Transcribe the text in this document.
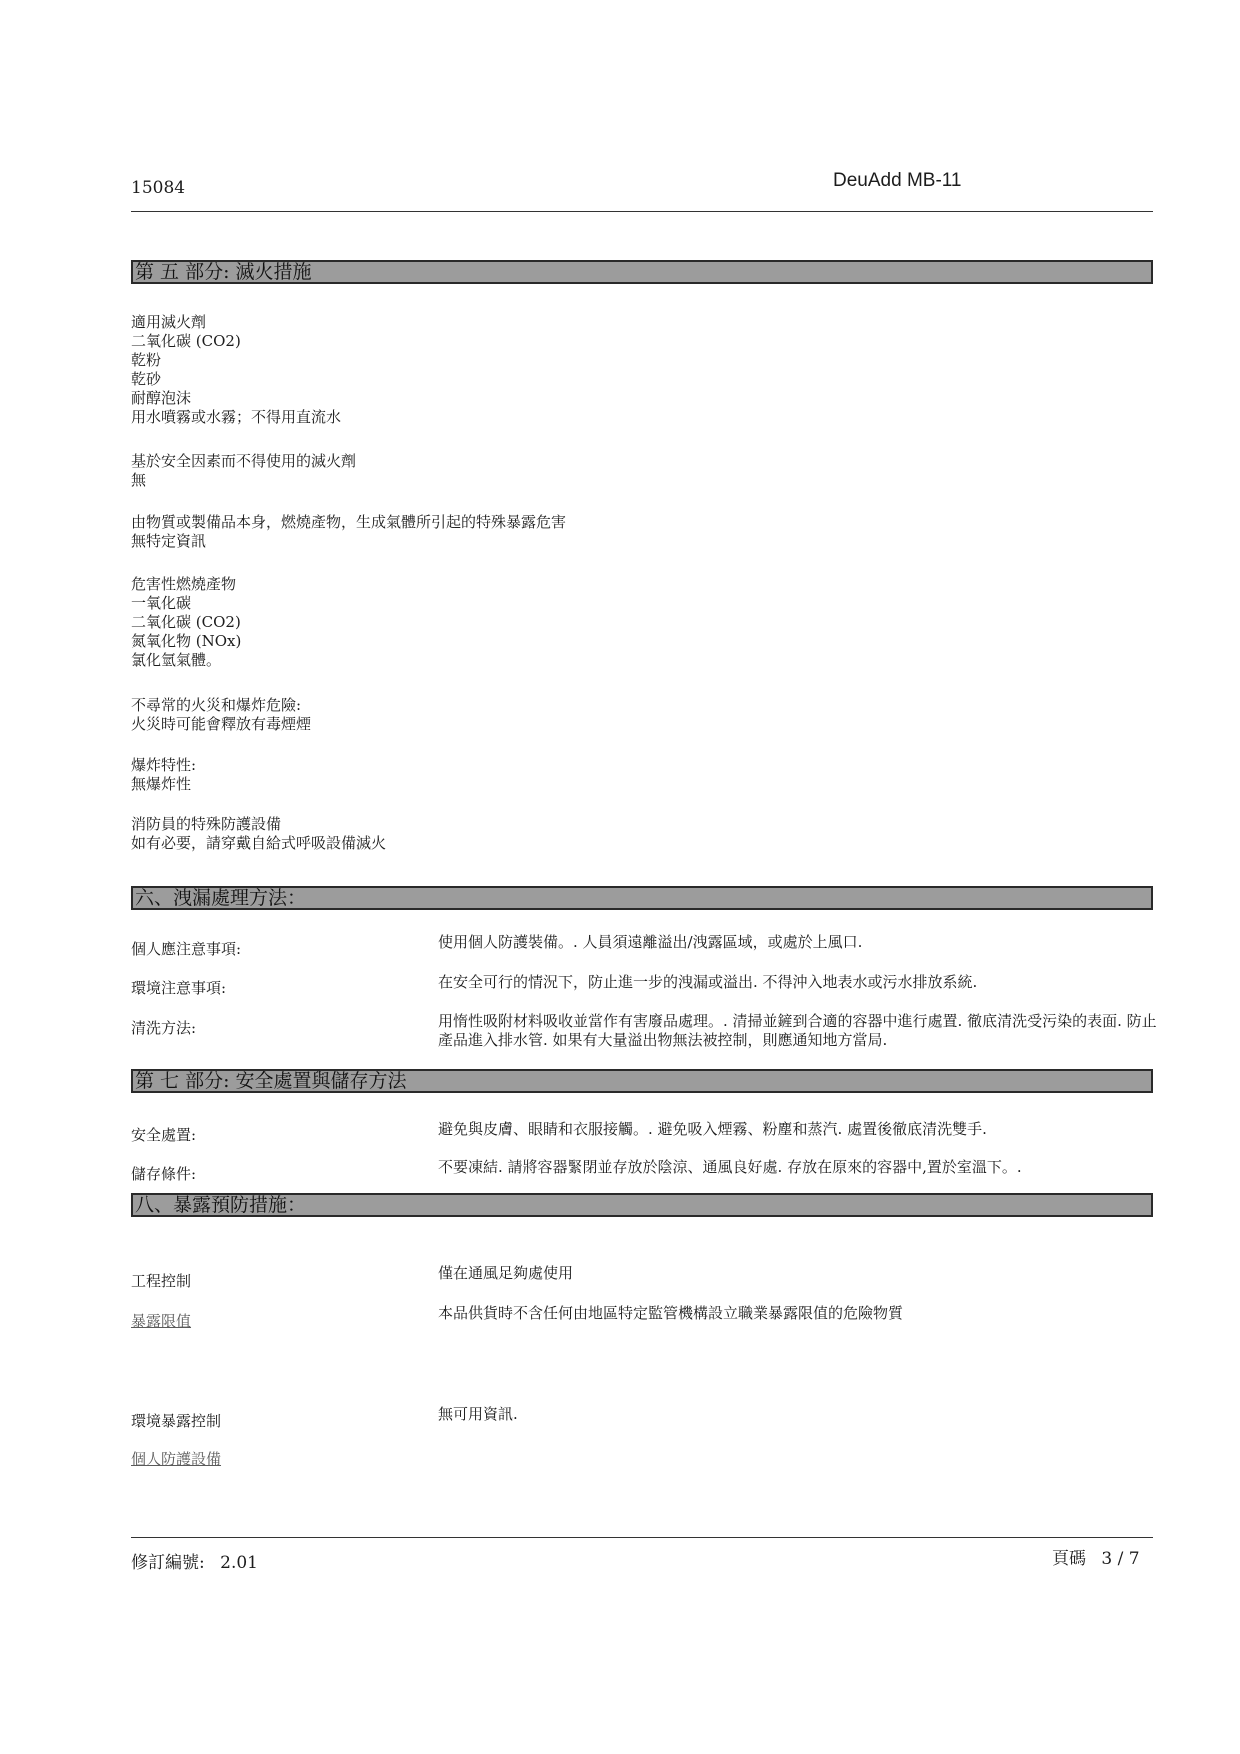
15084	DeuAdd MB-11
第 五 部分: 滅火措施
適用滅火劑
二氧化碳 (CO2)
乾粉
乾砂
耐醇泡沫
用水噴霧或水霧；不得用直流水
基於安全因素而不得使用的滅火劑
無
由物質或製備品本身，燃燒產物，生成氣體所引起的特殊暴露危害
無特定資訊
危害性燃燒產物
一氧化碳
二氧化碳 (CO2)
氮氧化物 (NOx)
氯化氫氣體。
不尋常的火災和爆炸危險:
火災時可能會釋放有毒煙煙
爆炸特性:
無爆炸性
消防員的特殊防護設備
如有必要，請穿戴自給式呼吸設備滅火
六、洩漏處理方法：
個人應注意事項:	使用個人防護裝備。. 人員須遠離溢出/洩露區域，或處於上風口.
環境注意事項:	在安全可行的情況下，防止進一步的洩漏或溢出. 不得沖入地表水或污水排放系統.
清洗方法:	用惰性吸附材料吸收並當作有害廢品處理。. 清掃並鏟到合適的容器中進行處置. 徹底清洗受污染的表面. 防止產品進入排水管. 如果有大量溢出物無法被控制，則應通知地方當局.
第 七 部分: 安全處置與儲存方法
安全處置:	避免與皮膚、眼睛和衣服接觸。. 避免吸入煙霧、粉塵和蒸汽. 處置後徹底清洗雙手.
儲存條件:	不要凍結. 請將容器緊閉並存放於陰涼、通風良好處. 存放在原來的容器中,置於室溫下。.
八、暴露預防措施：
工程控制	僅在通風足夠處使用
暴露限值	本品供貨時不含任何由地區特定監管機構設立職業暴露限值的危險物質
環境暴露控制	無可用資訊.
個人防護設備
修訂編號: 2.01	頁碼 3 / 7
